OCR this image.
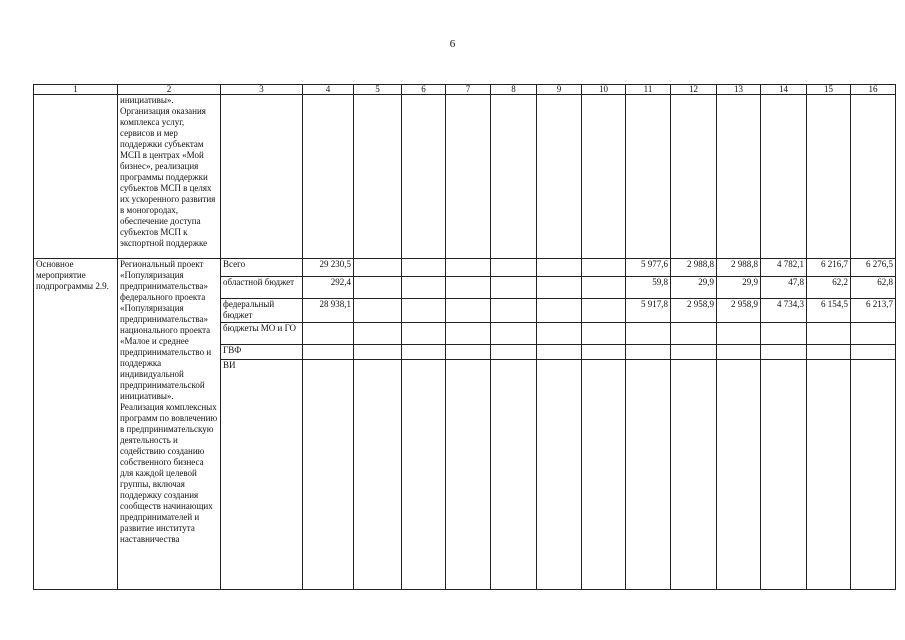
6
1	2	3	4	5	6	7	8	9	10	11	12	13	14	15	16
	инициативы». Организация оказания комплекса услуг, сервисов и мер поддержки субъектам МСП в центрах «Мой бизнес», реализация программы поддержки субъектов МСП в целях их ускоренного развития в моногородах, обеспечение доступа субъектов МСП к экспортной поддержке														
Основное мероприятие подпрограммы 2.9.	Региональный проект «Популяризация предпринимательства» федерального проекта «Популяризация предпринимательства» национального проекта «Малое и среднее предпринимательство и поддержка индивидуальной предпринимательской инициативы». Реализация комплексных программ по вовлечению в предпринимательскую деятельность и содействию созданию собственного бизнеса для каждой целевой группы, включая поддержку создания сообществ начинающих предпринимателей и развитие института наставничества	Всего	29 230,5							5 977,6	2 988,8	2 988,8	4 782,1	6 216,7	6 276,5
		областной бюджет	292,4							59,8	29,9	29,9	47,8	62,2	62,8
		федеральный бюджет	28 938,1							5 917,8	2 958,9	2 958,9	4 734,3	6 154,5	6 213,7
		бюджеты МО и ГО													
		ГВФ													
		ВИ													
